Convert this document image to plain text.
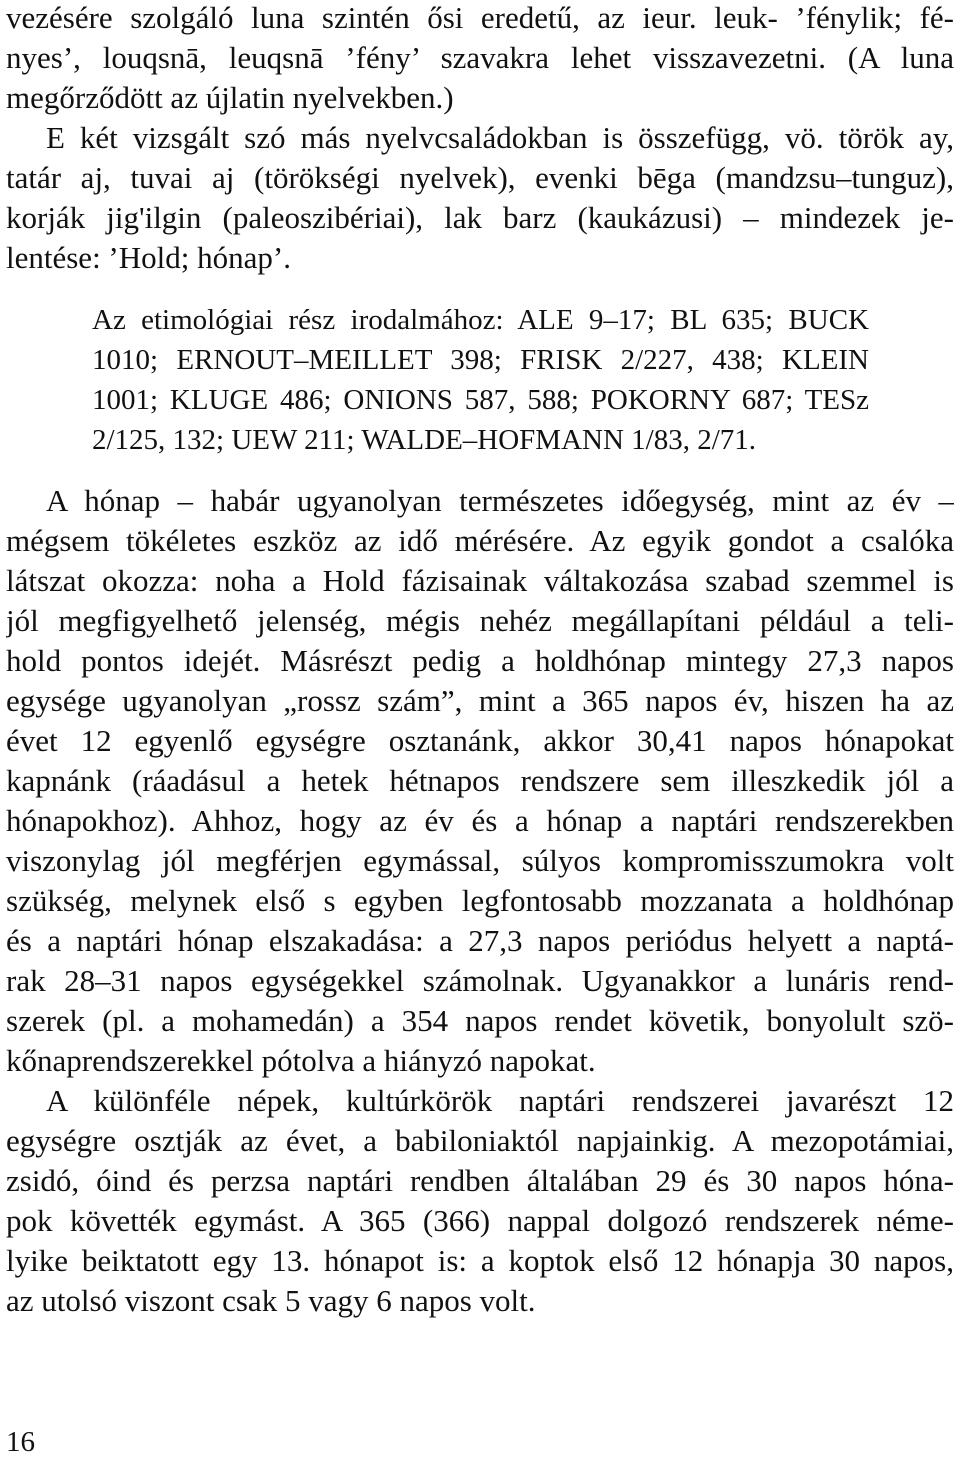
vezésére szolgáló luna szintén ősi eredetű, az ieur. leuk- ’fénylik; fé-
nyes’, louqsnā, leuqsnā ’fény’ szavakra lehet visszavezetni. (A luna
megőrződött az újlatin nyelvekben.)
E két vizsgált szó más nyelvcsaládokban is összefügg, vö. török ay,
tatár aj, tuvai aj (törökségi nyelvek), evenki bēga (mandzsu–tunguz),
korják jig'ilgin (paleoszibériai), lak barz (kaukázusi) – mindezek je-
lentése: ’Hold; hónap’.
Az etimológiai rész irodalmához: ALE 9–17; BL 635; BUCK
1010; ERNOUT–MEILLET 398; FRISK 2/227, 438; KLEIN
1001; KLUGE 486; ONIONS 587, 588; POKORNY 687; TESz
2/125, 132; UEW 211; WALDE–HOFMANN 1/83, 2/71.
A hónap – habár ugyanolyan természetes időegység, mint az év –
mégsem tökéletes eszköz az idő mérésére. Az egyik gondot a csalóka
látszat okozza: noha a Hold fázisainak váltakozása szabad szemmel is
jól megfigyelhető jelenség, mégis nehéz megállapítani például a teli-
hold pontos idejét. Másrészt pedig a holdhónap mintegy 27,3 napos
egysége ugyanolyan „rossz szám”, mint a 365 napos év, hiszen ha az
évet 12 egyenlő egységre osztanánk, akkor 30,41 napos hónapokat
kapnánk (ráadásul a hetek hétnapos rendszere sem illeszkedik jól a
hónapokhoz). Ahhoz, hogy az év és a hónap a naptári rendszerekben
viszonylag jól megférjen egymással, súlyos kompromisszumokra volt
szükség, melynek első s egyben legfontosabb mozzanata a holdhónap
és a naptári hónap elszakadása: a 27,3 napos periódus helyett a naptá-
rak 28–31 napos egységekkel számolnak. Ugyanakkor a lunáris rend-
szerek (pl. a mohamedán) a 354 napos rendet követik, bonyolult szö-
kőnaprendszerekkel pótolva a hiányzó napokat.
A különféle népek, kultúrkörök naptári rendszerei javarészt 12
egységre osztják az évet, a babiloniaktól napjainkig. A mezopotámiai,
zsidó, óind és perzsa naptári rendben általában 29 és 30 napos hóna-
pok követték egymást. A 365 (366) nappal dolgozó rendszerek néme-
lyike beiktatott egy 13. hónapot is: a koptok első 12 hónapja 30 napos,
az utolsó viszont csak 5 vagy 6 napos volt.
16
